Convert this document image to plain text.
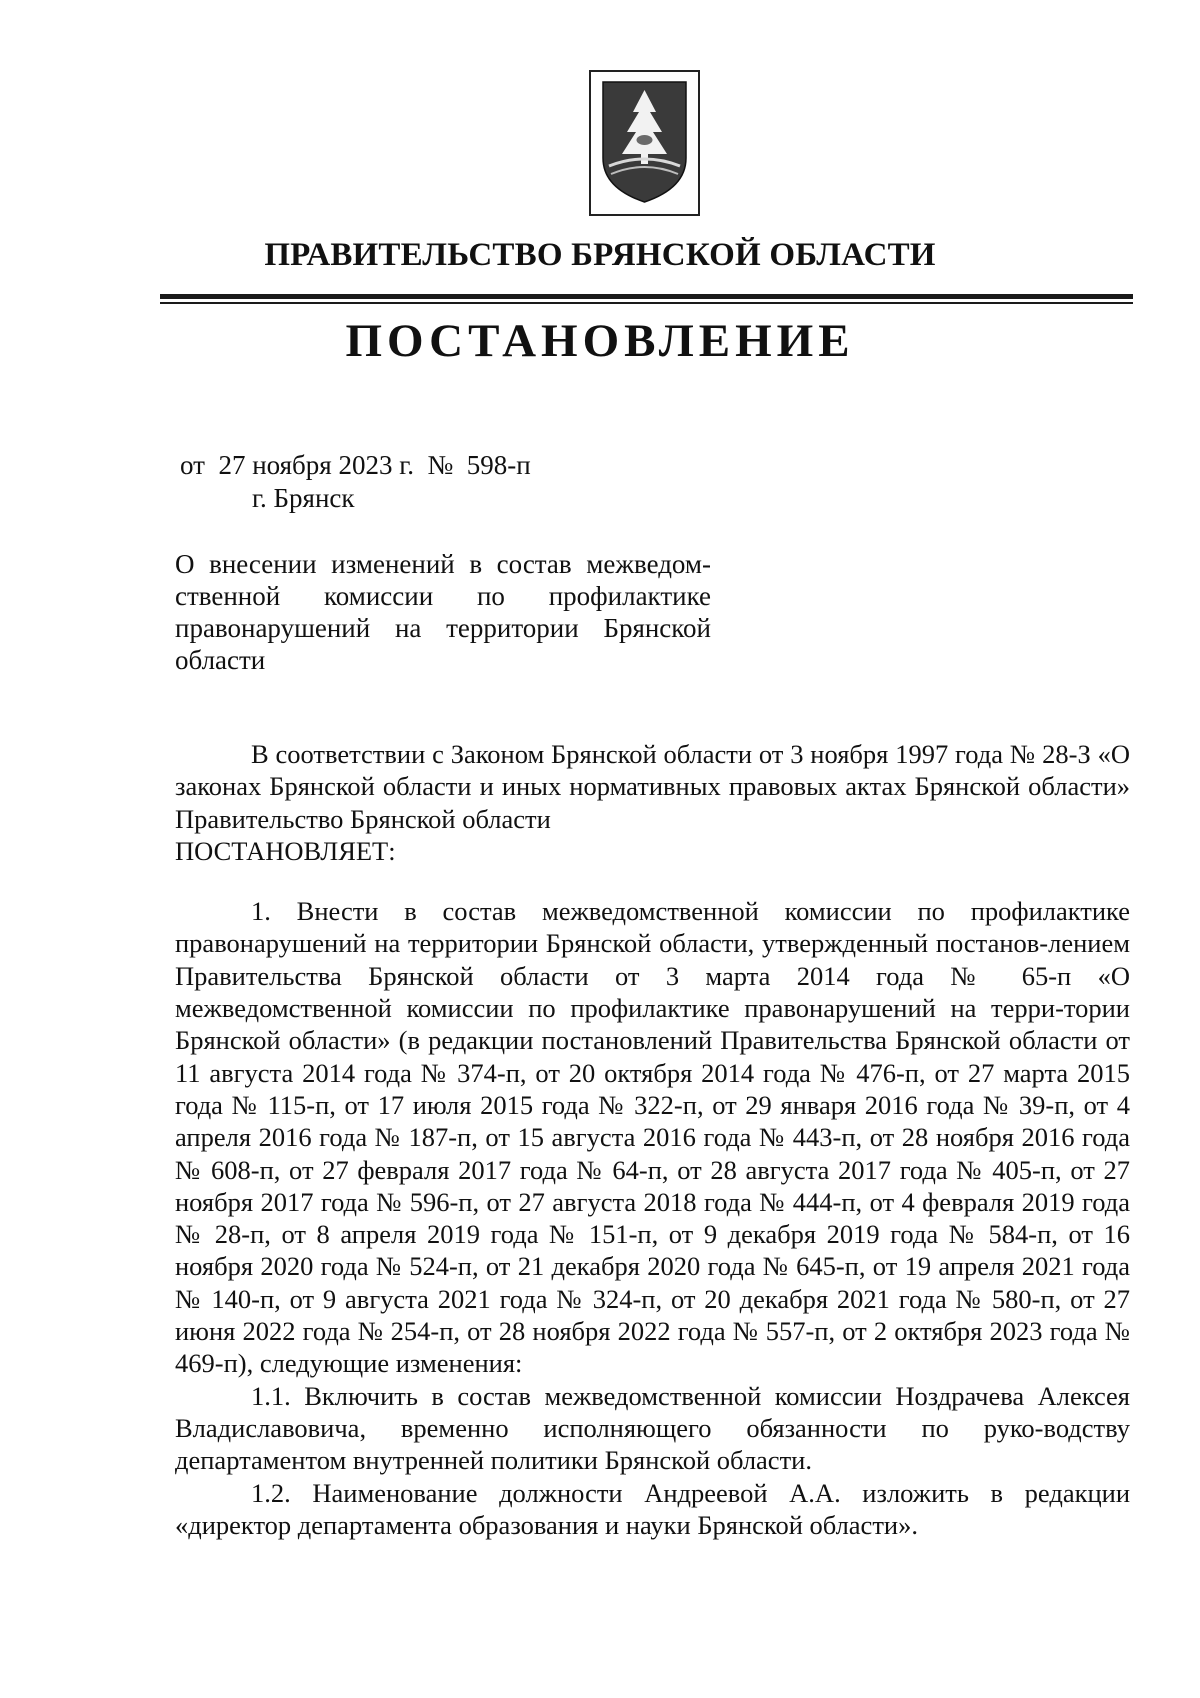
ПРАВИТЕЛЬСТВО БРЯНСКОЙ ОБЛАСТИ
ПОСТАНОВЛЕНИЕ
от  27 ноября 2023 г.  №  598-п
г. Брянск
О внесении изменений в состав межведом-ственной комиссии по профилактике правонарушений на территории Брянской области

В соответствии с Законом Брянской области от 3 ноября 1997 года № 28-З «О законах Брянской области и иных нормативных правовых актах Брянской области» Правительство Брянской области

ПОСТАНОВЛЯЕТ:

1. Внести в состав межведомственной комиссии по профилактике правонарушений на территории Брянской области, утвержденный постанов-лением Правительства Брянской области от 3 марта 2014 года № 65-п «О межведомственной комиссии по профилактике правонарушений на терри-тории Брянской области» (в редакции постановлений Правительства Брянской области от 11 августа 2014 года № 374-п, от 20 октября 2014 года № 476-п, от 27 марта 2015 года № 115-п, от 17 июля 2015 года № 322-п, от 29 января 2016 года № 39-п, от 4 апреля 2016 года № 187-п, от 15 августа 2016 года № 443-п, от 28 ноября 2016 года № 608-п, от 27 февраля 2017 года № 64-п, от 28 августа 2017 года № 405-п, от 27 ноября 2017 года № 596-п, от 27 августа 2018 года № 444-п, от 4 февраля 2019 года № 28-п, от 8 апреля 2019 года № 151-п, от 9 декабря 2019 года № 584-п, от 16 ноября 2020 года № 524-п, от 21 декабря 2020 года № 645-п, от 19 апреля 2021 года № 140-п, от 9 августа 2021 года № 324-п, от 20 декабря 2021 года № 580-п, от 27 июня 2022 года № 254-п, от 28 ноября 2022 года № 557-п, от 2 октября 2023 года № 469-п), следующие изменения:

1.1. Включить в состав межведомственной комиссии Ноздрачева Алексея Владиславовича, временно исполняющего обязанности по руко-водству департаментом внутренней политики Брянской области.

1.2. Наименование должности Андреевой А.А. изложить в редакции «директор департамента образования и науки Брянской области».
